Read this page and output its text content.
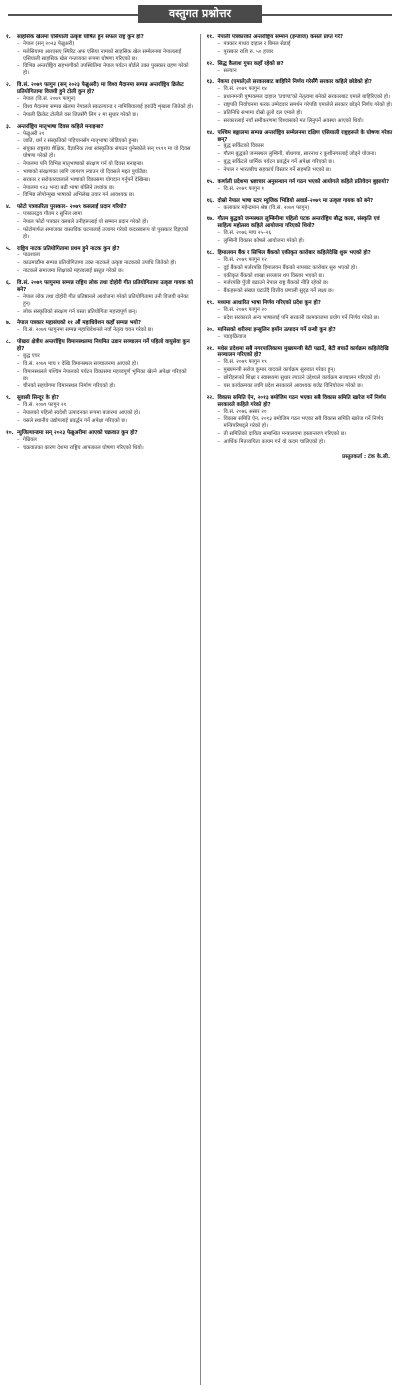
वस्तुगत प्रश्नोत्तर
१.	साहसिक खेलमा एसियाली उत्कृष्ट घोषित हुन सफल राष्ट्र कुन हो?

– नेपाल (सन् २०२३ फेब्रुअरी)

– मलेसियामा आरएसए स्पिरिट अफ एसिया नामको साहसिक खेल सम्मेलनमा नेपाललाई एसियाली साहसिक खेल गन्तव्यका रूपमा घोषणा गरिएको छ।

– विभिन्न अन्तर्राष्ट्रिय सहभागीको उपस्थितिमा नेपाल पर्यटन बोर्डले उक्त पुरस्कार ग्रहण गरेको हो।

२.	वि.सं. २०७९ फागुन (सन् २०२३ फेब्रुअरी) मा विश्व मैदानमा सम्पन्न अन्तर्राष्ट्रिय क्रिकेट प्रतियोगितामा विजयी हुने टोली कुन हो?

– नेपाल (वि.सं. २०७९ फागुन)

– विश्व मैदानमा सम्पन्न खेलमा नेपालले स्कटल्यान्ड र नामिबियालाई हराउँदै शृंखला जितेको हो।

– नेपाली क्रिकेट टोलीले यस जितसँगै लिग २ मा सुधार गरेको छ।

३.	अन्तर्राष्ट्रिय मातृभाषा दिवस कहिले मनाइन्छ?

– फेब्रुअरी २१

– जाति, धर्म र संस्कृतिको पहिचानसँग मातृभाषा जोडिएको हुन्छ।

– संयुक्त राष्ट्रसंघ शैक्षिक, वैज्ञानिक तथा सांस्कृतिक संगठन युनेस्कोले सन् १९९९ मा यो दिवस घोषणा गरेको हो।

– नेपालमा पनि विभिन्न मातृभाषाको संरक्षण गर्न यो दिवस मनाइन्छ।

– भाषाको संरक्षणका लागि जागरण ल्याउन यो दिवसले मद्दत पुर्याउँछ।

– सरकार र सरोकारवालाले भाषाको विकासमा योगदान गर्नुपर्ने देखिन्छ।

– नेपालमा १२३ भन्दा बढी भाषा बोलिने तथ्यांक छ।

– विभिन्न लोपोन्मुख भाषाको अभिलेख तयार गर्न आवश्यक छ।

४.	फोटो पत्रकारिता पुरस्कार– २०७९ कसलाई प्रदान गरियो?

– पत्रकारद्वय गौतम र सुनिल लामा

– नेपाल फोटो पत्रकार क्लबले उनीहरूलाई यो सम्मान प्रदान गरेको हो।

– फोटोमार्फत समाजका वास्तविक घटनालाई उजागर गरेको कदरस्वरूप यो पुरस्कार दिइएको हो।

५.	राष्ट्रिय नाटक प्रतियोगितामा प्रथम हुने नाटक कुन हो?

– पाठशाला

– काठमाडौंमा सम्पन्न प्रतियोगितामा उक्त नाटकले उत्कृष्ट नाटकको उपाधि जितेको हो।

– नाटकले समाजमा शिक्षाको महत्त्वलाई प्रस्तुत गरेको छ।

६.	वि.सं. २०७९ फागुनमा सम्पन्न राष्ट्रिय लोक तथा दोहोरी गीत प्रतियोगितामा उत्कृष्ट गायक को बने?

– नेपाल लोक तथा दोहोरी गीत प्रतिष्ठानले आयोजना गरेको प्रतियोगितामा उनी विजयी बनेका हुन्।

– लोक संस्कृतिको संरक्षण गर्न यस्ता प्रतियोगिता महत्त्वपूर्ण छन्।

७.	नेपाल पत्रकार महासंघको ११ औं महाधिवेशन कहाँ सम्पन्न भयो?

– वि.सं. २०७९ फागुनमा सम्पन्न महाधिवेशनले नयाँ नेतृत्व चयन गरेको छ।

८.	पोखरा क्षेत्रीय अन्तर्राष्ट्रिय विमानस्थलमा नियमित उडान सञ्चालन गर्ने पहिलो वायुसेवा कुन हो?

– बुद्ध एयर

– वि.सं. २०७९ माघ १ देखि विमानस्थल सञ्चालनमा आएको हो।

– विमानस्थलले पश्चिम नेपालको पर्यटन विकासमा महत्त्वपूर्ण भूमिका खेल्ने अपेक्षा गरिएको छ।

– चीनको सहयोगमा विमानस्थल निर्माण गरिएको हो।

९.	सुवासी सिन्दूर के हो?

– वि.सं. २०७९ फागुन २१

– नेपालको पहिलो स्वदेशी उत्पादनका रूपमा बजारमा आएको हो।

– यसले स्थानीय उद्योगलाई प्रवर्द्धन गर्ने अपेक्षा गरिएको छ।

१०. न्युजिल्यान्डमा सन् २०२३ फेब्रुअरीमा आएको चक्रवात कुन हो?

– गेब्रियल

– चक्रवातका कारण देशमा राष्ट्रिय आपत्काल घोषणा गरिएको थियो।

११. नेपाली पत्रकारको अन्तर्राष्ट्रिय सम्मान (इन्जाज) कसले प्राप्त गरे?

– पत्रकार माधव दाहाल र बिमल सेडाई

– पुरस्कार राशि रु. ५० हजार

१२. सिद्ध कैलाश गुफा कहाँ रहेको छ?

– सल्यान

१३. नेकपा (एमाले)ले सरकारबाट बाहिरिने निर्णय गरेसँगै सरकार कहिले छोडेको हो?

– वि.सं. २०७९ फागुन १४

– प्रधानमन्त्री पुष्पकमल दाहाल 'प्रचण्ड'को नेतृत्वमा बनेको सरकारबाट एमाले बाहिरिएको हो।

– राष्ट्रपति निर्वाचनमा फरक उम्मेदवार समर्थन गरेपछि एमालेले सरकार छोड्ने निर्णय गरेको हो।

– प्रतिनिधि सभामा दोस्रो ठूलो दल एमाले हो।

– सरकारलाई नयाँ समीकरणमा विश्वासको मत लिनुपर्ने अवस्था आएको थियो।

१४. पश्चिम बङ्गालमा सम्पन्न अन्तर्राष्ट्रिय सम्मेलनमा दक्षिण एसियाली राष्ट्रहरूले के घोषणा गरेका छन्?

– बुद्ध सर्किटको विकास

– गौतम बुद्धको जन्मस्थल लुम्बिनी, बोधगया, सारनाथ र कुशीनगरलाई जोड्ने योजना।

– बुद्ध सर्किटले धार्मिक पर्यटन प्रवर्द्धन गर्ने अपेक्षा गरिएको छ।

– नेपाल र भारतबीच सहकार्य विस्तार गर्ने सहमति भएको छ।

१५. कर्णाली प्रदेशमा भ्रष्टाचार अनुसन्धान गर्न गठन भएको आयोगले कहिले प्रतिवेदन बुझायो?

– वि.सं. २०७९ फागुन १

१६. दोस्रो नेपाल भाषा स्टार म्युजिक भिडियो अवार्ड–२०७९ मा उत्कृष्ट गायक को बने?

– कलाकार महेन्द्रमान श्रेष्ठ (वि.सं. २०७९ फागुन)

१७. गौतम बुद्धको जन्मस्थल लुम्बिनीमा पहिलो पटक अन्तर्राष्ट्रिय बौद्ध कला, संस्कृति एवं साहित्य महोत्सव कहिले आयोजना गरिएको थियो?

– वि.सं. २०७६ माघ २५–२६

– लुम्बिनी विकास कोषले आयोजना गरेको हो।

१८. हिमालयन बैंक र सिभिल बैंकको एकीकृत कारोबार कहिलेदेखि शुरू भएको हो?

– वि.सं. २०७९ फागुन १२

– दुई बैंकको मर्जरपछि हिमालयन बैंकको नामबाट कारोबार सुरु भएको हो।

– एकीकृत बैंकको शाखा सञ्जाल थप विस्तार भएको छ।

– मर्जरपछि पुँजी बढाउने नेपाल राष्ट्र बैंकको नीति रहेको छ।

– बैंकहरूको संख्या घटाउँदै वित्तीय प्रणाली सुदृढ गर्ने लक्ष्य छ।

१९. मध्यमा आधारित भाषा निर्णय गरिएको प्रदेश कुन हो?

– वि.सं. २०७९ फागुन २०

– प्रदेश सरकारले अन्य भाषालाई पनि सरकारी कामकाजमा प्रयोग गर्ने निर्णय गरेको छ।

२०. मानिसको शरीरमा इन्सुलिन हर्मोन उत्पादन गर्ने ग्रन्थी कुन हो?

– प्याङ्क्रियाज

२१. मधेस प्रदेशमा सबै नगरपालिकामा मुख्यमन्त्री बेटी पढाउँ, बेटी बचाउँ कार्यक्रम कहिलेदेखि सञ्चालन गरिएको हो?

– वि.सं. २०७९ फागुन १९

– मुख्यमन्त्री सरोज कुमार यादवले कार्यक्रम सुरुवात गरेका हुन्।

– छोरीहरूको शिक्षा र स्वास्थ्यमा सुधार ल्याउने उद्देश्यले कार्यक्रम सञ्चालन गरिएको हो।

– यस कार्यक्रमका लागि प्रदेश सरकारले आवश्यक बजेट विनियोजन गरेको छ।

२२. विकास समिति ऐन, २०१३ बमोजिम गठन भएका सबै विकास समिति खारेज गर्ने निर्णय सरकारले कहिले गरेको हो?

– वि.सं. २०७६ असार २०

– विकास समिति ऐन, २०१३ बमोजिम गठन भएका सबै विकास समिति खारेज गर्ने निर्णय मन्त्रिपरिषद्ले गरेको हो।

– ती समितिको दायित्व सम्बन्धित मन्त्रालयमा हस्तान्तरण गरिएको छ।

– आर्थिक मितव्ययिता कायम गर्न यो कदम चालिएको हो।

प्रस्तुतकर्ता : टंक के.सी.
